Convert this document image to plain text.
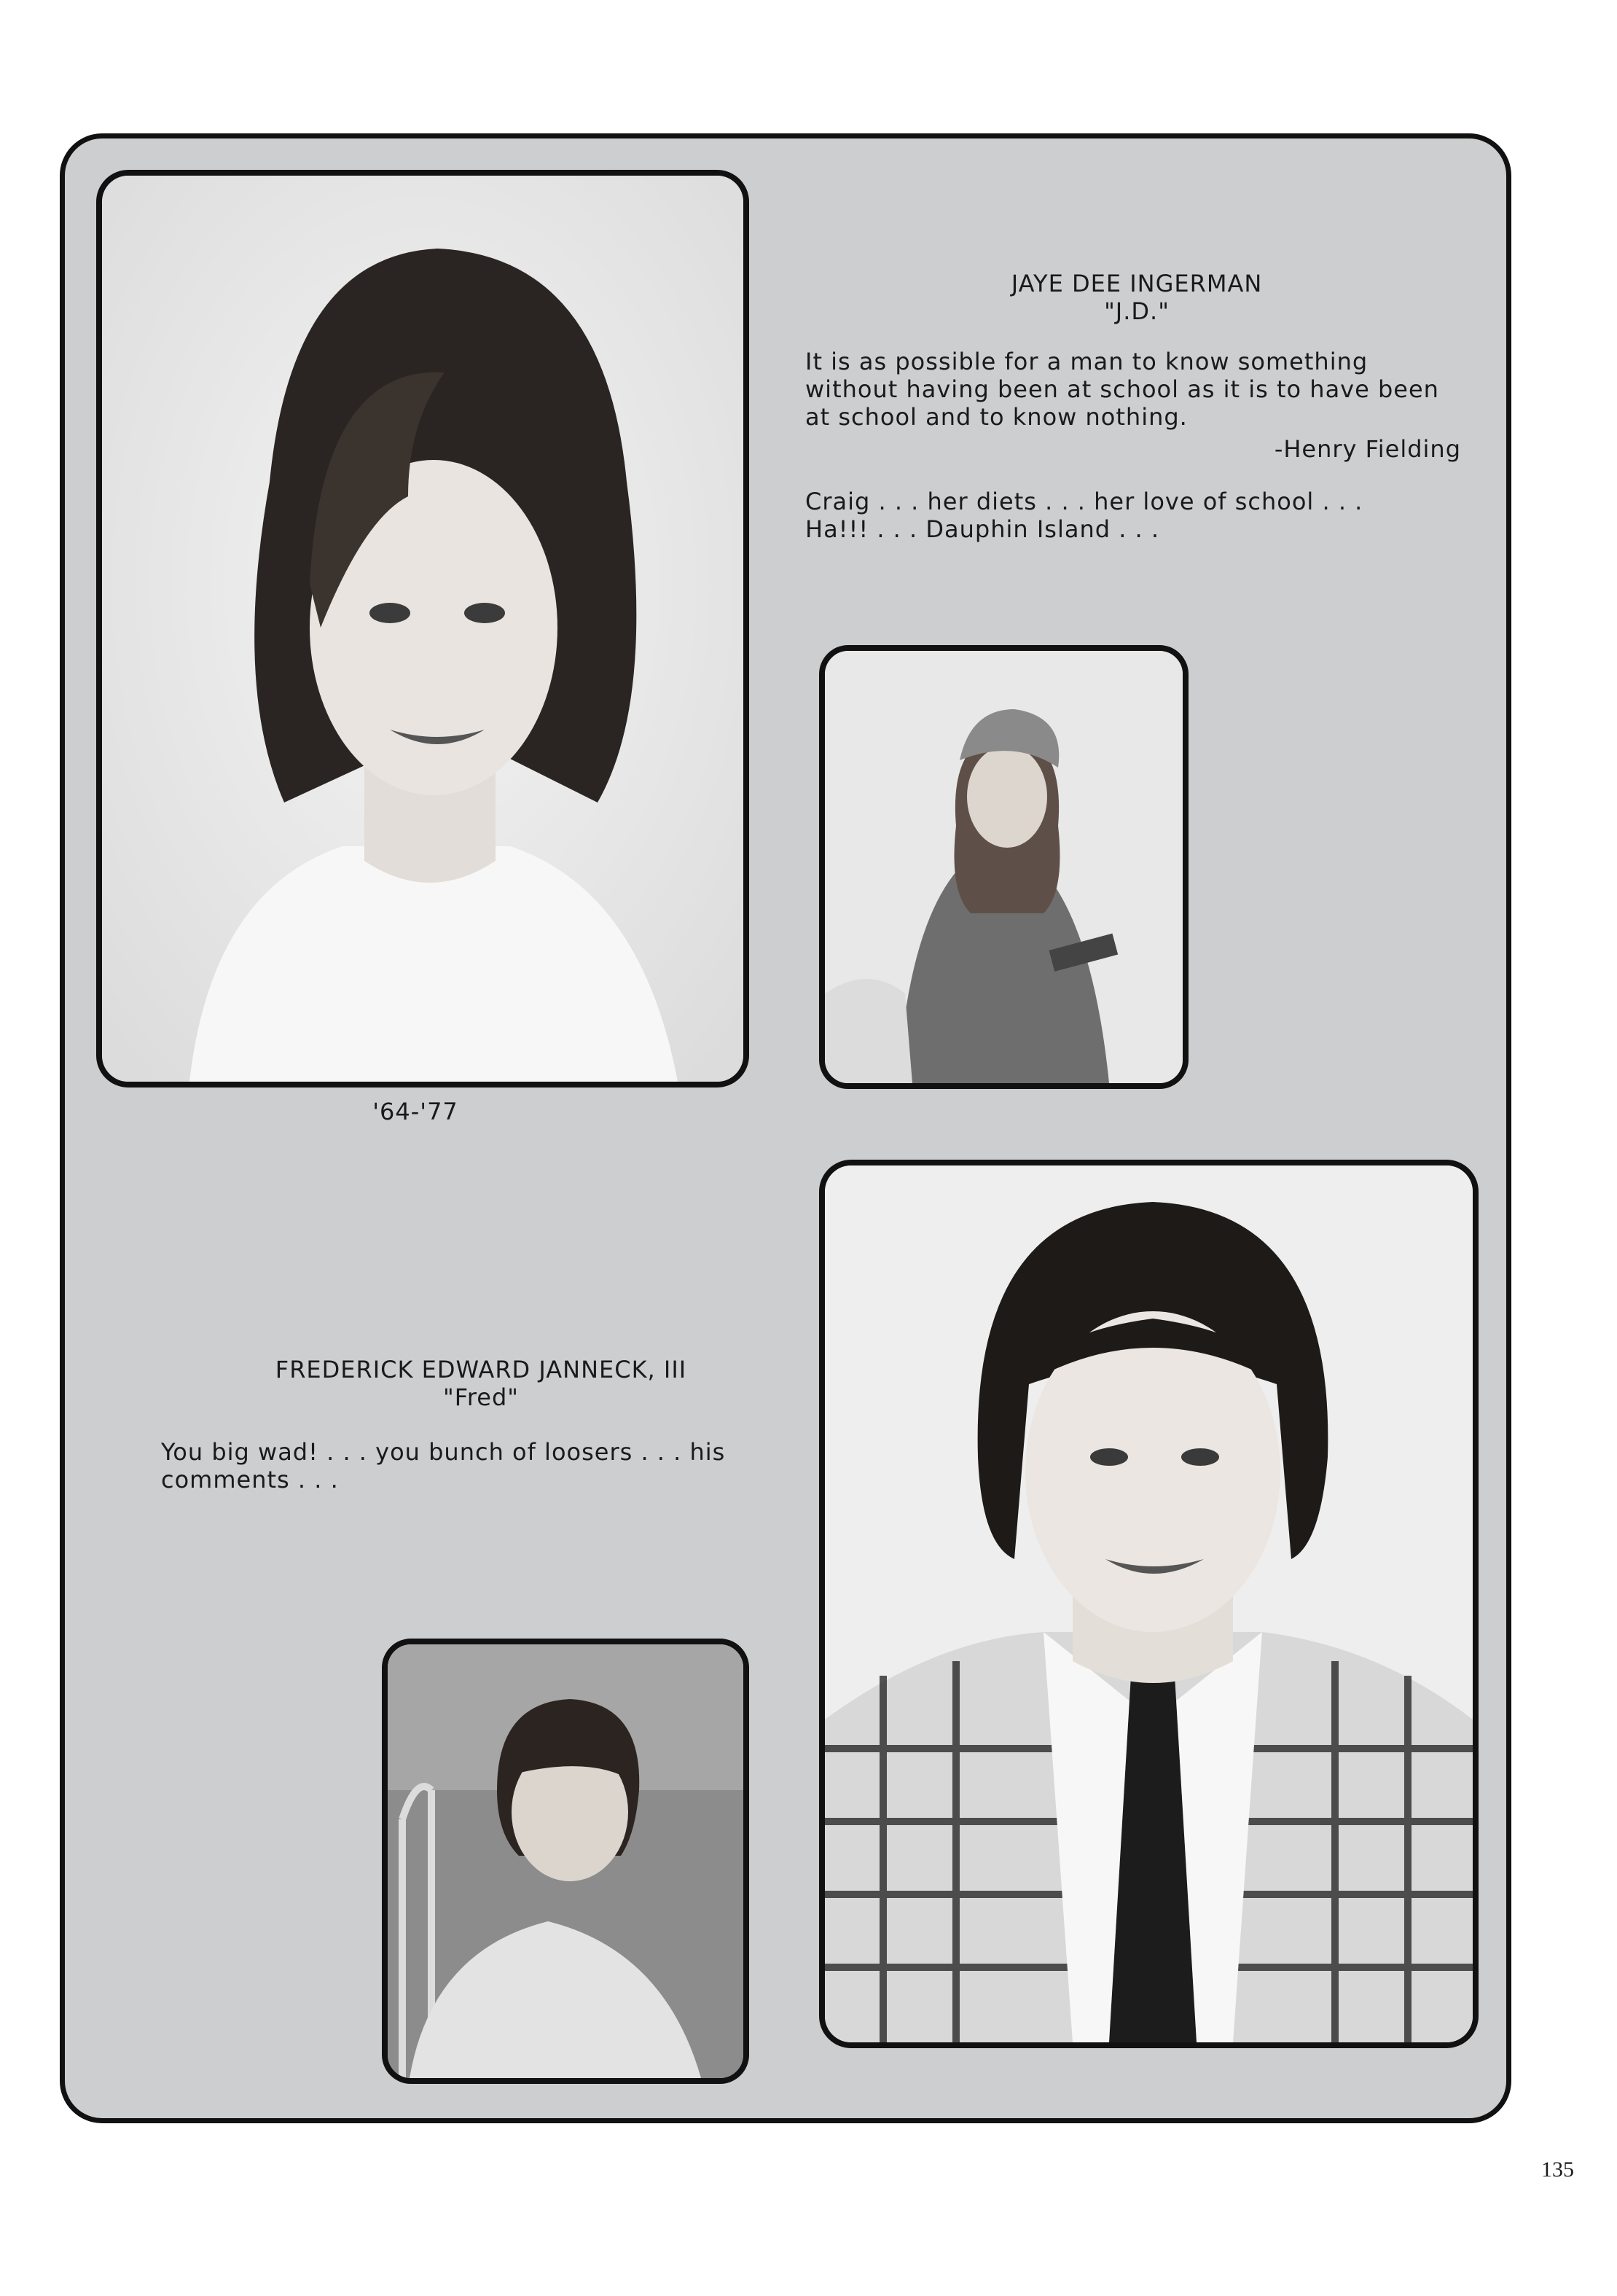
JAYE DEE INGERMAN
"J.D."
It is as possible for a man to know something
without having been at school as it is to have been
at school and to know nothing.
-Henry Fielding
Craig . . . her diets . . . her love of school . . .
Ha!!! . . . Dauphin Island . . .
'64-'77
FREDERICK EDWARD JANNECK, III
"Fred"
You big wad! . . . you bunch of loosers . . . his
comments . . .
135
